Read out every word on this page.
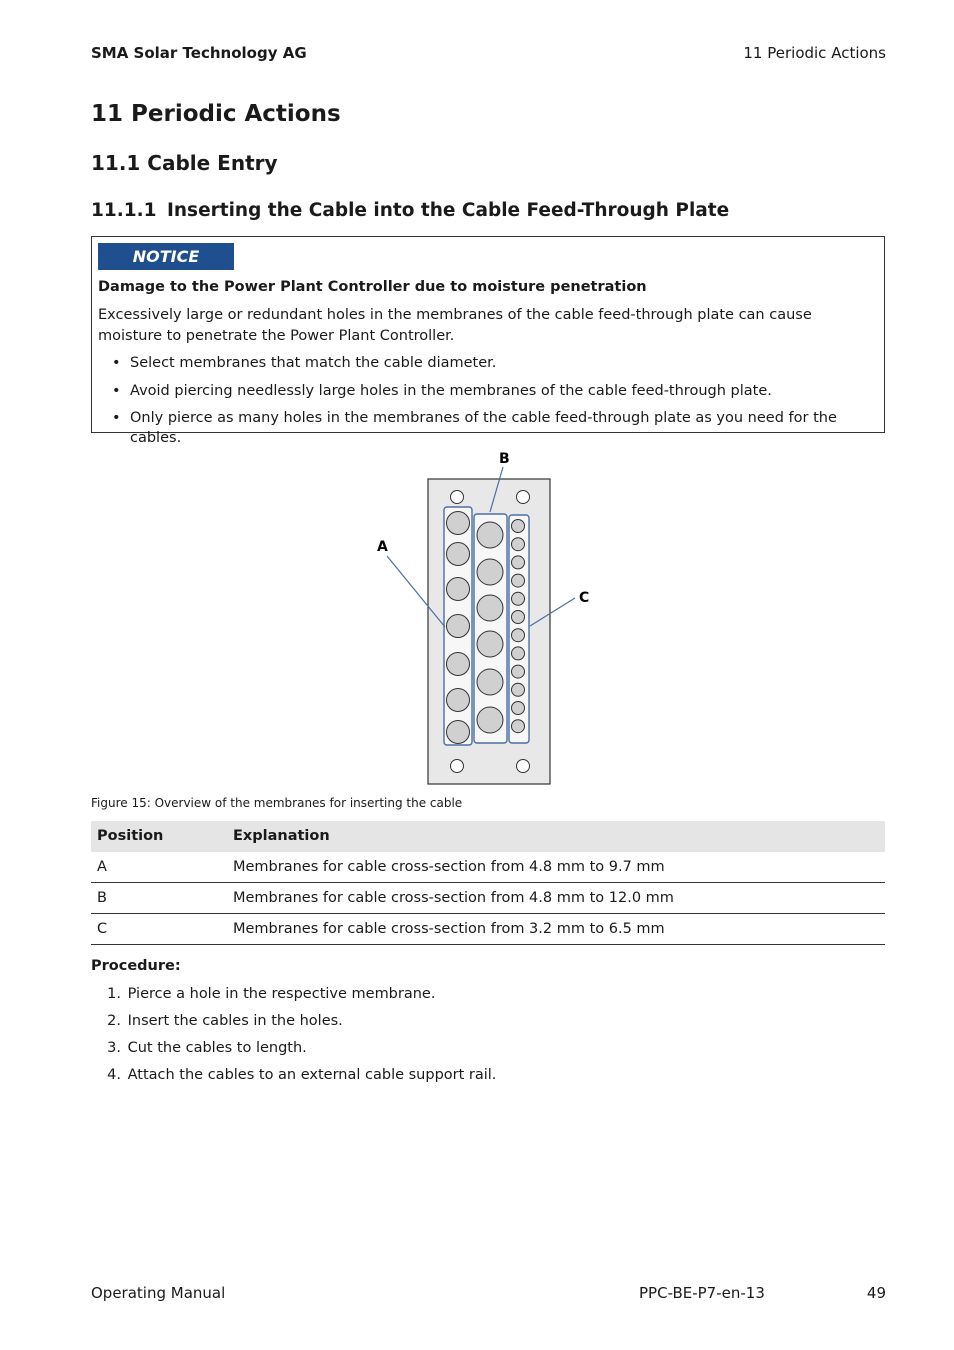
SMA Solar Technology AG	11 Periodic Actions
11 Periodic Actions
11.1 Cable Entry
11.1.1 Inserting the Cable into the Cable Feed-Through Plate
NOTICE
Damage to the Power Plant Controller due to moisture penetration
Excessively large or redundant holes in the membranes of the cable feed-through plate can cause moisture to penetrate the Power Plant Controller.
• Select membranes that match the cable diameter.
• Avoid piercing needlessly large holes in the membranes of the cable feed-through plate.
• Only pierce as many holes in the membranes of the cable feed-through plate as you need for the cables.
A
B
C
Figure 15: Overview of the membranes for inserting the cable
Position	Explanation
A	Membranes for cable cross-section from 4.8 mm to 9.7 mm
B	Membranes for cable cross-section from 4.8 mm to 12.0 mm
C	Membranes for cable cross-section from 3.2 mm to 6.5 mm
Procedure:
1. Pierce a hole in the respective membrane.
2. Insert the cables in the holes.
3. Cut the cables to length.
4. Attach the cables to an external cable support rail.
Operating Manual	PPC-BE-P7-en-13	49
